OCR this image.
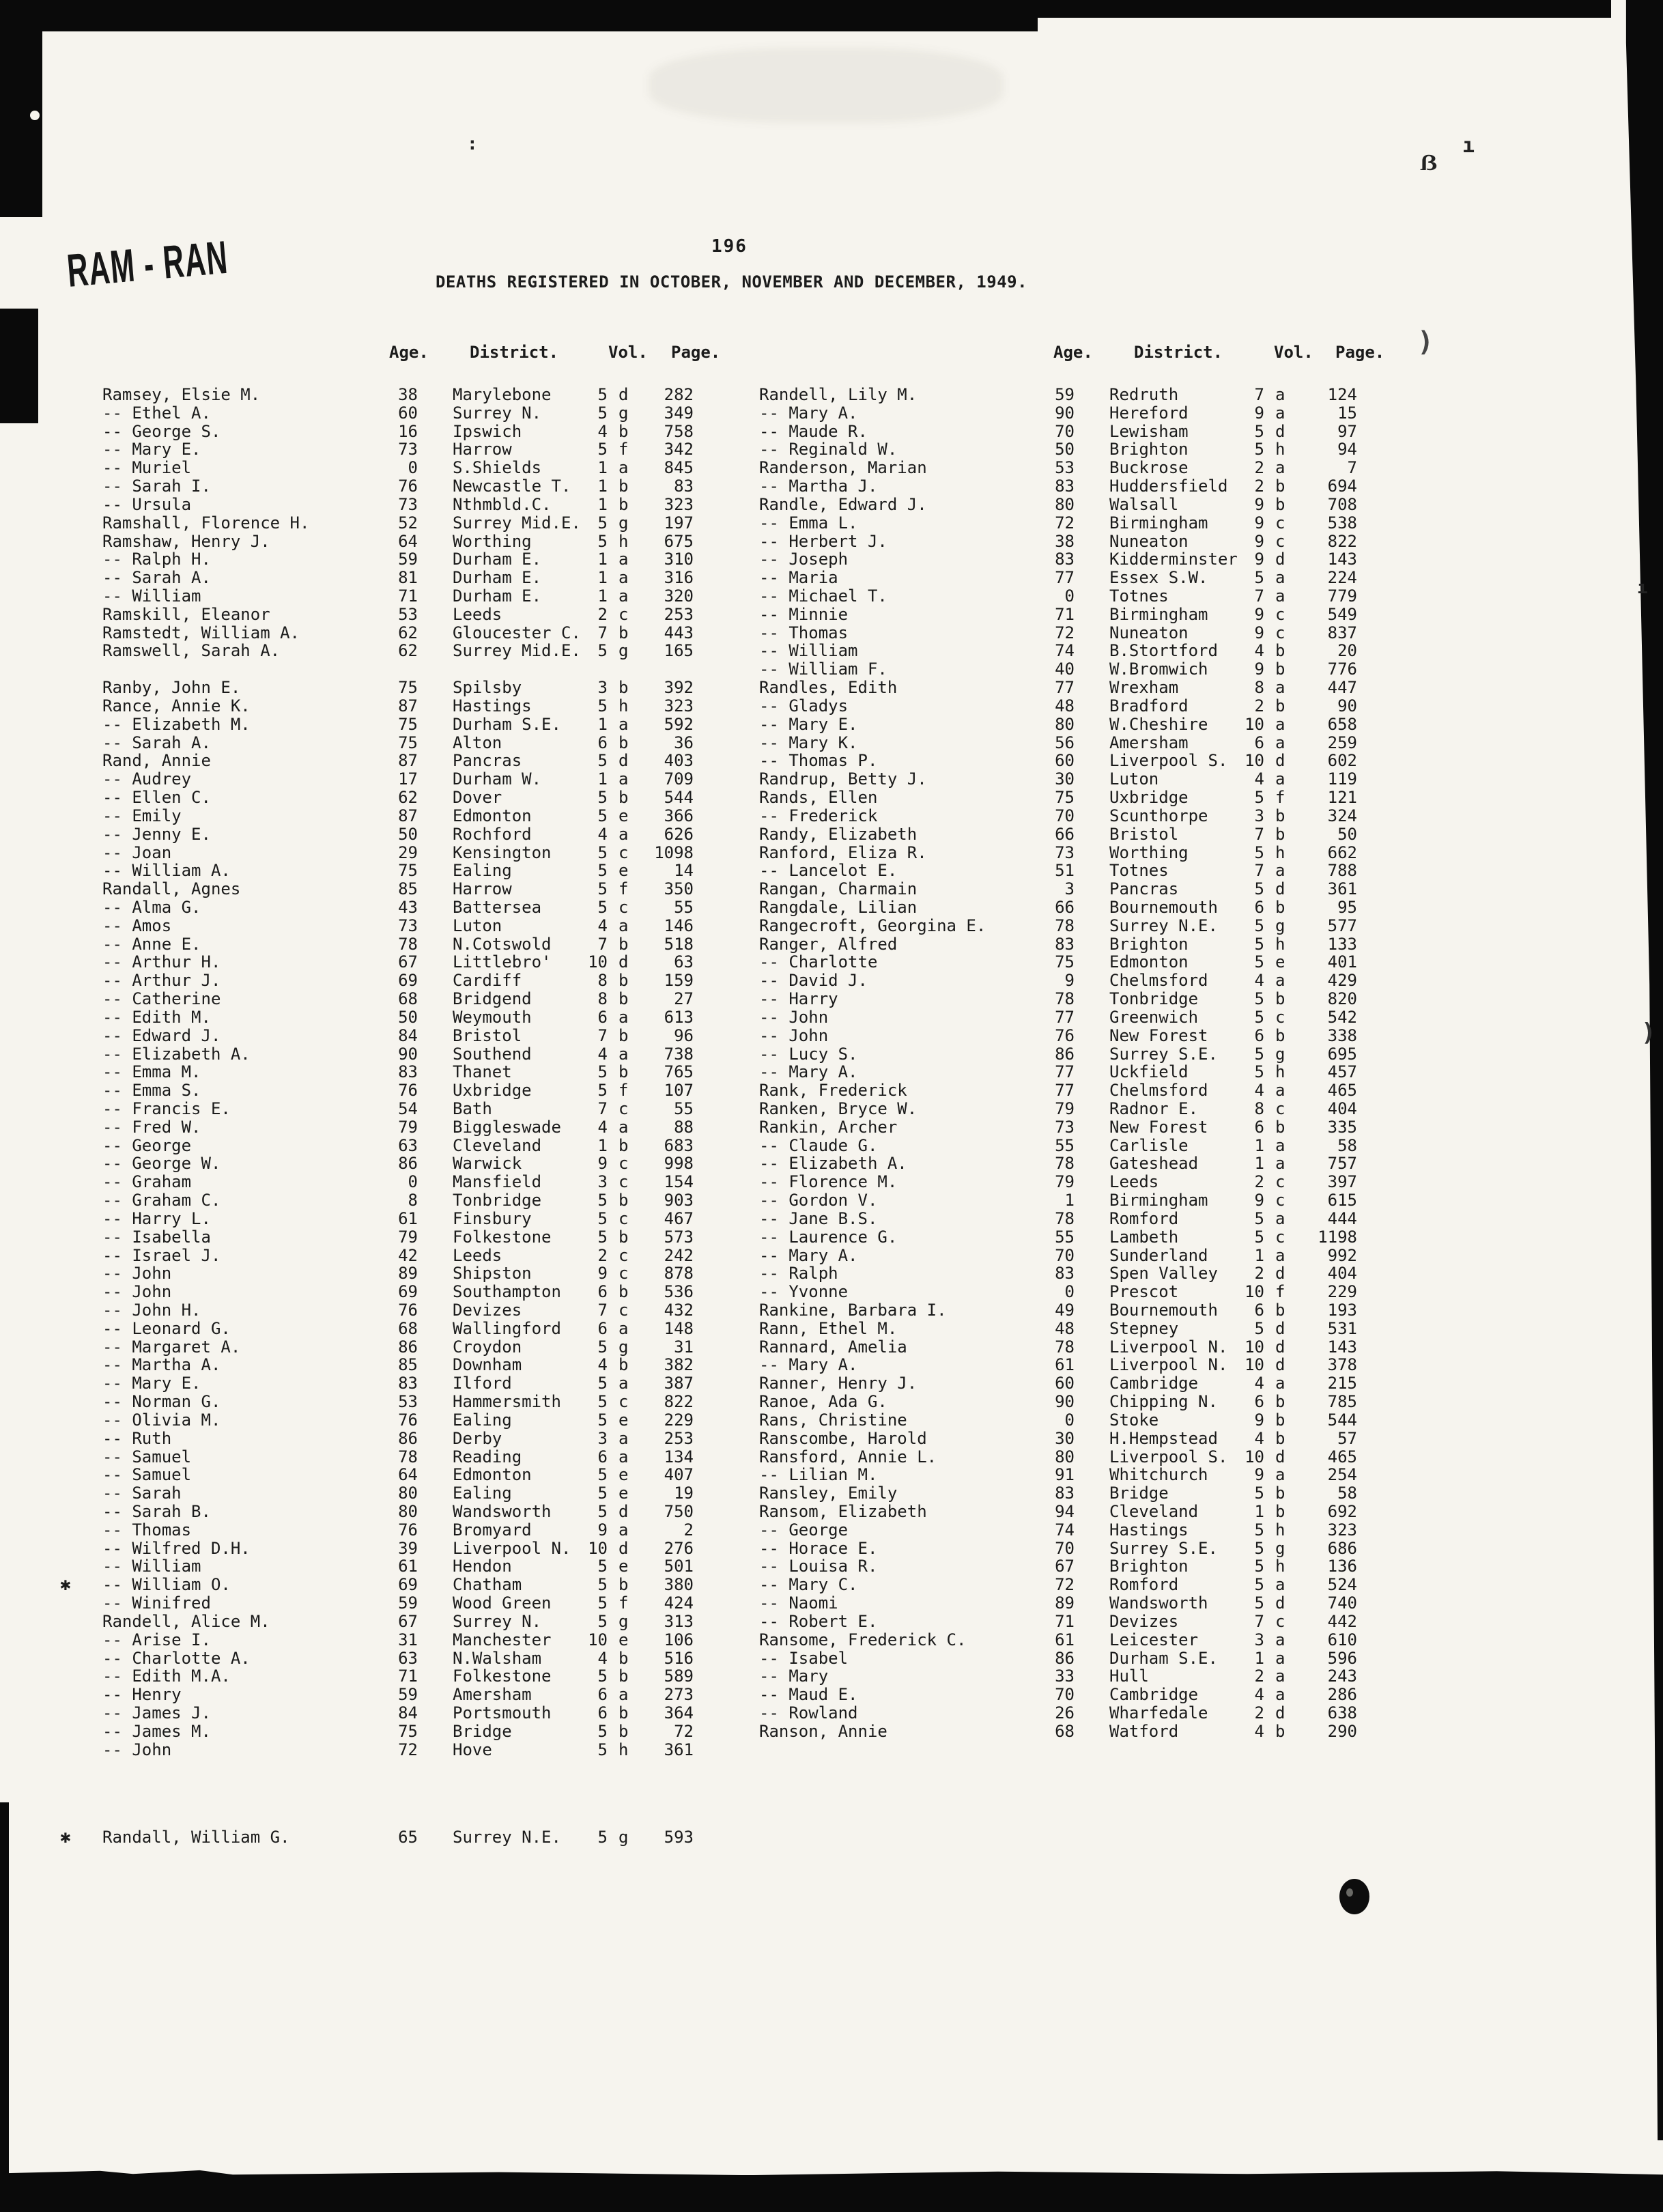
ı
ẞ
)
ı
)
RAM - RAN
:
196
DEATHS REGISTERED IN OCTOBER, NOVEMBER AND DECEMBER, 1949.
Age.	District.	Vol. Page.	Age.	District.	Vol. Page.
Ramsey, Elsie M.	38 Marylebone	5 d	282
-- Ethel A.	60 Surrey N.	5 g	349
-- George S.	16 Ipswich	4 b	758
-- Mary E.	73 Harrow	5 f	342
-- Muriel	0 S.Shields	1 a	845
-- Sarah I.	76 Newcastle T.	1 b	83
-- Ursula	73 Nthmbld.C.	1 b	323
Ramshall, Florence H.	52 Surrey Mid.E.	5 g	197
Ramshaw, Henry J.	64 Worthing	5 h	675
-- Ralph H.	59 Durham E.	1 a	310
-- Sarah A.	81 Durham E.	1 a	316
-- William	71 Durham E.	1 a	320
Ramskill, Eleanor	53 Leeds	2 c	253
Ramstedt, William A.	62 Gloucester C.	7 b	443
Ramswell, Sarah A.	62 Surrey Mid.E.	5 g	165
Ranby, John E.	75 Spilsby	3 b	392
Rance, Annie K.	87 Hastings	5 h	323
-- Elizabeth M.	75 Durham S.E.	1 a	592
-- Sarah A.	75 Alton	6 b	36
Rand, Annie	87 Pancras	5 d	403
-- Audrey	17 Durham W.	1 a	709
-- Ellen C.	62 Dover	5 b	544
-- Emily	87 Edmonton	5 e	366
-- Jenny E.	50 Rochford	4 a	626
-- Joan	29 Kensington	5 c	1098
-- William A.	75 Ealing	5 e	14
Randall, Agnes	85 Harrow	5 f	350
-- Alma G.	43 Battersea	5 c	55
-- Amos	73 Luton	4 a	146
-- Anne E.	78 N.Cotswold	7 b	518
-- Arthur H.	67 Littlebro'	10 d	63
-- Arthur J.	69 Cardiff	8 b	159
-- Catherine	68 Bridgend	8 b	27
-- Edith M.	50 Weymouth	6 a	613
-- Edward J.	84 Bristol	7 b	96
-- Elizabeth A.	90 Southend	4 a	738
-- Emma M.	83 Thanet	5 b	765
-- Emma S.	76 Uxbridge	5 f	107
-- Francis E.	54 Bath	7 c	55
-- Fred W.	79 Biggleswade	4 a	88
-- George	63 Cleveland	1 b	683
-- George W.	86 Warwick	9 c	998
-- Graham	0 Mansfield	3 c	154
-- Graham C.	8 Tonbridge	5 b	903
-- Harry L.	61 Finsbury	5 c	467
-- Isabella	79 Folkestone	5 b	573
-- Israel J.	42 Leeds	2 c	242
-- John	89 Shipston	9 c	878
-- John	69 Southampton	6 b	536
-- John H.	76 Devizes	7 c	432
-- Leonard G.	68 Wallingford	6 a	148
-- Margaret A.	86 Croydon	5 g	31
-- Martha A.	85 Downham	4 b	382
-- Mary E.	83 Ilford	5 a	387
-- Norman G.	53 Hammersmith	5 c	822
-- Olivia M.	76 Ealing	5 e	229
-- Ruth	86 Derby	3 a	253
-- Samuel	78 Reading	6 a	134
-- Samuel	64 Edmonton	5 e	407
-- Sarah	80 Ealing	5 e	19
-- Sarah B.	80 Wandsworth	5 d	750
-- Thomas	76 Bromyard	9 a	2
-- Wilfred D.H.	39 Liverpool N.	10 d	276
-- William	61 Hendon	5 e	501
✱ -- William O.	69 Chatham	5 b	380
-- Winifred	59 Wood Green	5 f	424
Randell, Alice M.	67 Surrey N.	5 g	313
-- Arise I.	31 Manchester	10 e	106
-- Charlotte A.	63 N.Walsham	4 b	516
-- Edith M.A.	71 Folkestone	5 b	589
-- Henry	59 Amersham	6 a	273
-- James J.	84 Portsmouth	6 b	364
-- James M.	75 Bridge	5 b	72
-- John	72 Hove	5 h	361
Randell, Lily M.	59 Redruth	7 a	124
-- Mary A.	90 Hereford	9 a	15
-- Maude R.	70 Lewisham	5 d	97
-- Reginald W.	50 Brighton	5 h	94
Randerson, Marian	53 Buckrose	2 a	7
-- Martha J.	83 Huddersfield	2 b	694
Randle, Edward J.	80 Walsall	9 b	708
-- Emma L.	72 Birmingham	9 c	538
-- Herbert J.	38 Nuneaton	9 c	822
-- Joseph	83 Kidderminster	9 d	143
-- Maria	77 Essex S.W.	5 a	224
-- Michael T.	0 Totnes	7 a	779
-- Minnie	71 Birmingham	9 c	549
-- Thomas	72 Nuneaton	9 c	837
-- William	74 B.Stortford	4 b	20
-- William F.	40 W.Bromwich	9 b	776
Randles, Edith	77 Wrexham	8 a	447
-- Gladys	48 Bradford	2 b	90
-- Mary E.	80 W.Cheshire	10 a	658
-- Mary K.	56 Amersham	6 a	259
-- Thomas P.	60 Liverpool S.	10 d	602
Randrup, Betty J.	30 Luton	4 a	119
Rands, Ellen	75 Uxbridge	5 f	121
-- Frederick	70 Scunthorpe	3 b	324
Randy, Elizabeth	66 Bristol	7 b	50
Ranford, Eliza R.	73 Worthing	5 h	662
-- Lancelot E.	51 Totnes	7 a	788
Rangan, Charmain	3 Pancras	5 d	361
Rangdale, Lilian	66 Bournemouth	6 b	95
Rangecroft, Georgina E.	78 Surrey N.E.	5 g	577
Ranger, Alfred	83 Brighton	5 h	133
-- Charlotte	75 Edmonton	5 e	401
-- David J.	9 Chelmsford	4 a	429
-- Harry	78 Tonbridge	5 b	820
-- John	77 Greenwich	5 c	542
-- John	76 New Forest	6 b	338
-- Lucy S.	86 Surrey S.E.	5 g	695
-- Mary A.	77 Uckfield	5 h	457
Rank, Frederick	77 Chelmsford	4 a	465
Ranken, Bryce W.	79 Radnor E.	8 c	404
Rankin, Archer	73 New Forest	6 b	335
-- Claude G.	55 Carlisle	1 a	58
-- Elizabeth A.	78 Gateshead	1 a	757
-- Florence M.	79 Leeds	2 c	397
-- Gordon V.	1 Birmingham	9 c	615
-- Jane B.S.	78 Romford	5 a	444
-- Laurence G.	55 Lambeth	5 c	1198
-- Mary A.	70 Sunderland	1 a	992
-- Ralph	83 Spen Valley	2 d	404
-- Yvonne	0 Prescot	10 f	229
Rankine, Barbara I.	49 Bournemouth	6 b	193
Rann, Ethel M.	48 Stepney	5 d	531
Rannard, Amelia	78 Liverpool N.	10 d	143
-- Mary A.	61 Liverpool N.	10 d	378
Ranner, Henry J.	60 Cambridge	4 a	215
Ranoe, Ada G.	90 Chipping N.	6 b	785
Rans, Christine	0 Stoke	9 b	544
Ranscombe, Harold	30 H.Hempstead	4 b	57
Ransford, Annie L.	80 Liverpool S.	10 d	465
-- Lilian M.	91 Whitchurch	9 a	254
Ransley, Emily	83 Bridge	5 b	58
Ransom, Elizabeth	94 Cleveland	1 b	692
-- George	74 Hastings	5 h	323
-- Horace E.	70 Surrey S.E.	5 g	686
-- Louisa R.	67 Brighton	5 h	136
-- Mary C.	72 Romford	5 a	524
-- Naomi	89 Wandsworth	5 d	740
-- Robert E.	71 Devizes	7 c	442
Ransome, Frederick C.	61 Leicester	3 a	610
-- Isabel	86 Durham S.E.	1 a	596
-- Mary	33 Hull	2 a	243
-- Maud E.	70 Cambridge	4 a	286
-- Rowland	26 Wharfedale	2 d	638
Ranson, Annie	68 Watford	4 b	290
✱ Randall, William G.	65 Surrey N.E.	5 g	593
